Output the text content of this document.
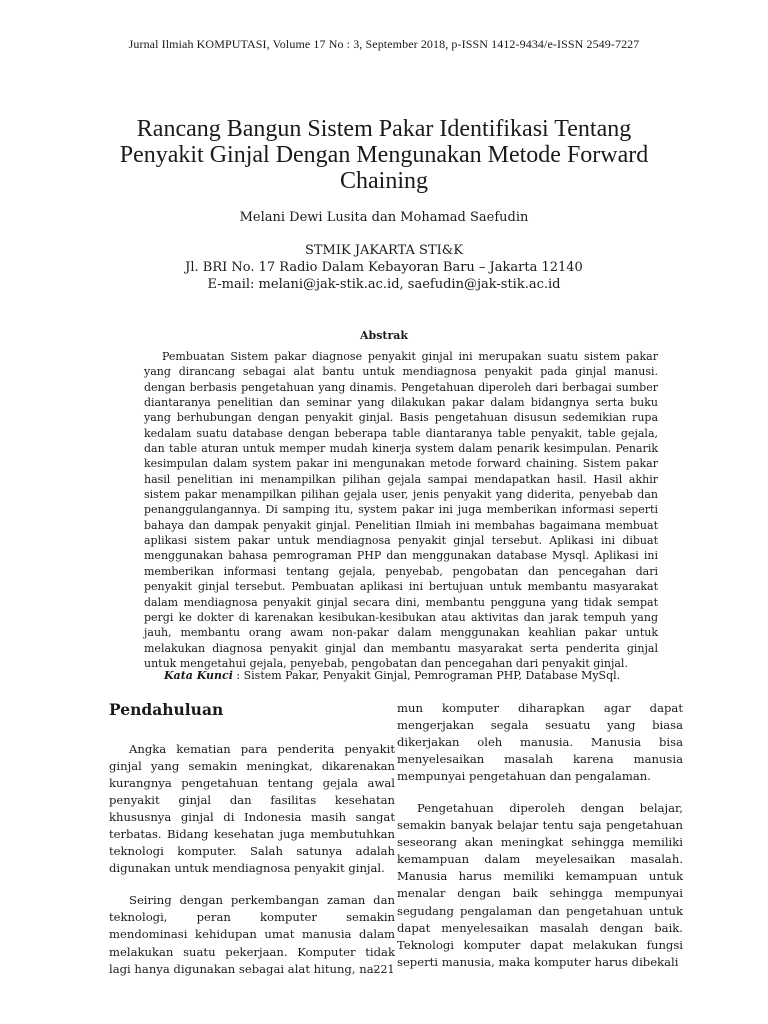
Jurnal Ilmiah KOMPUTASI, Volume 17 No : 3, September 2018, p-ISSN 1412-9434/e-ISSN 2549-7227
Rancang Bangun Sistem Pakar Identifikasi Tentang
Penyakit Ginjal Dengan Mengunakan Metode Forward
Chaining
Melani Dewi Lusita dan Mohamad Saefudin
STMIK JAKARTA STI&K
Jl. BRI No. 17 Radio Dalam Kebayoran Baru – Jakarta 12140
E-mail: melani@jak-stik.ac.id, saefudin@jak-stik.ac.id
Abstrak

Pembuatan Sistem pakar diagnose penyakit ginjal ini merupakan suatu sistem pakar yang dirancang sebagai alat bantu untuk mendiagnosa penyakit pada ginjal manusi. dengan berbasis pengetahuan yang dinamis. Pengetahuan diperoleh dari berbagai sumber diantaranya penelitian dan seminar yang dilakukan pakar dalam bidangnya serta buku yang berhubungan dengan penyakit ginjal. Basis pengetahuan disusun sedemikian rupa kedalam suatu database dengan beberapa table diantaranya table penyakit, table gejala, dan table aturan untuk memper mudah kinerja system dalam penarik kesimpulan. Penarik kesimpulan dalam system pakar ini mengunakan metode forward chaining. Sistem pakar hasil penelitian ini menampilkan pilihan gejala sampai mendapatkan hasil. Hasil akhir sistem pakar menampilkan pilihan gejala user, jenis penyakit yang diderita, penyebab dan penanggulangannya. Di samping itu, system pakar ini juga memberikan informasi seperti bahaya dan dampak penyakit ginjal. Penelitian Ilmiah ini membahas bagaimana membuat aplikasi sistem pakar untuk mendiagnosa penyakit ginjal tersebut. Aplikasi ini dibuat menggunakan bahasa pemrograman PHP dan menggunakan database Mysql. Aplikasi ini memberikan informasi tentang gejala, penyebab, pengobatan dan pencegahan dari penyakit ginjal tersebut. Pembuatan aplikasi ini bertujuan untuk membantu masyarakat dalam mendiagnosa penyakit ginjal secara dini, membantu pengguna yang tidak sempat pergi ke dokter di karenakan kesibukan-kesibukan atau aktivitas dan jarak tempuh yang jauh, membantu orang awam non-pakar dalam menggunakan keahlian pakar untuk melakukan diagnosa penyakit ginjal dan membantu masyarakat serta penderita ginjal untuk mengetahui gejala, penyebab, pengobatan dan pencegahan dari penyakit ginjal.

Kata Kunci : Sistem Pakar, Penyakit Ginjal, Pemrograman PHP, Database MySql.
Pendahuluan

Angka kematian para penderita penyakit ginjal yang semakin meningkat, dikarenakan kurangnya pengetahuan tentang gejala awal penyakit ginjal dan fasilitas kesehatan khususnya ginjal di Indonesia masih sangat terbatas. Bidang kesehatan juga membutuhkan teknologi komputer. Salah satunya adalah digunakan untuk mendiagnosa penyakit ginjal.

Seiring dengan perkembangan zaman dan teknologi, peran komputer semakin mendominasi kehidupan umat manusia dalam melakukan suatu pekerjaan. Komputer tidak lagi hanya digunakan sebagai alat hitung, na-

mun komputer diharapkan agar dapat mengerjakan segala sesuatu yang biasa dikerjakan oleh manusia. Manusia bisa menyelesaikan masalah karena manusia mempunyai pengetahuan dan pengalaman.

Pengetahuan diperoleh dengan belajar, semakin banyak belajar tentu saja pengetahuan seseorang akan meningkat sehingga memiliki kemampuan dalam meyelesaikan masalah. Manusia harus memiliki kemampuan untuk menalar dengan baik sehingga mempunyai segudang pengalaman dan pengetahuan untuk dapat menyelesaikan masalah dengan baik. Teknologi komputer dapat melakukan fungsi seperti manusia, maka komputer harus dibekali

221
